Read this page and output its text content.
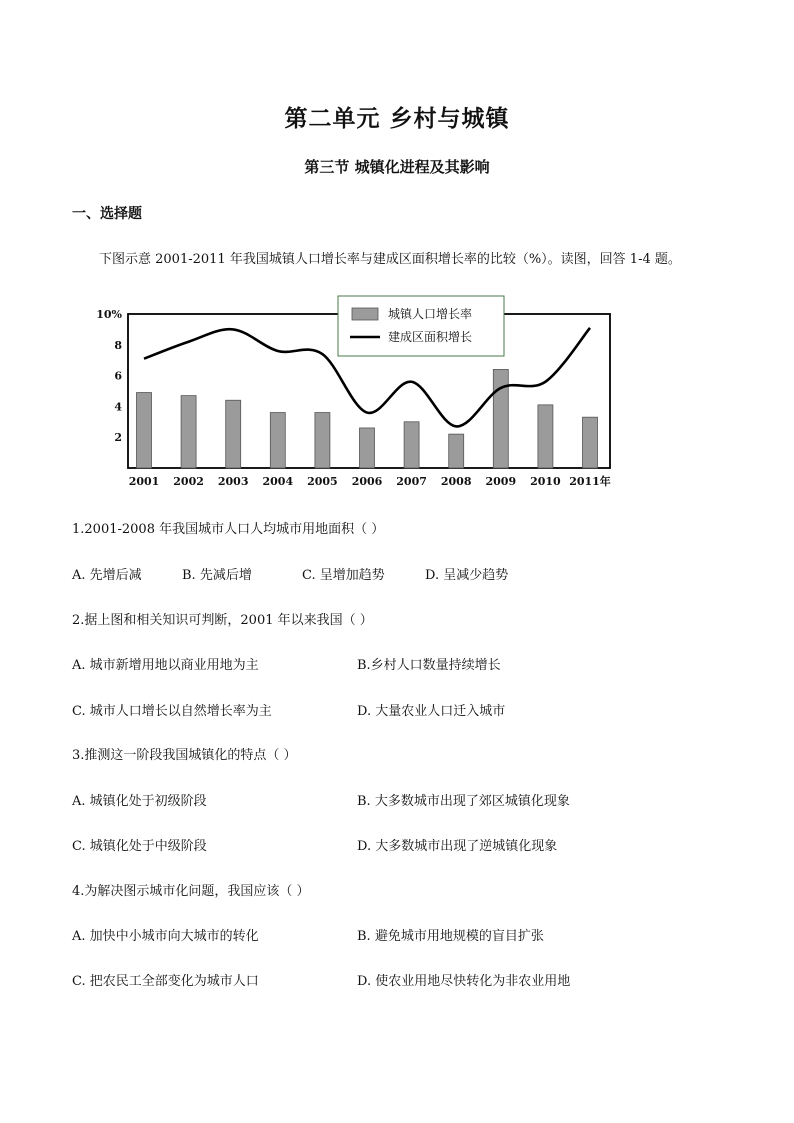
第二单元 乡村与城镇
第三节 城镇化进程及其影响
一、选择题
下图示意 2001-2011 年我国城镇人口增长率与建成区面积增长率的比较（%）。读图，回答 1-4 题。
2
4
6
8
10%
2001 2002 2003 2004 2005 2006 2007 2008 2009 2010 2011年
城镇人口增长率
建成区面积增长
1.2001-2008 年我国城市人口人均城市用地面积（ ）
A. 先增后减	B. 先减后增	C. 呈增加趋势	D. 呈减少趋势
2.据上图和相关知识可判断，2001 年以来我国（ ）
A. 城市新增用地以商业用地为主	B.乡村人口数量持续增长
C. 城市人口增长以自然增长率为主	D. 大量农业人口迁入城市
3.推测这一阶段我国城镇化的特点（ ）
A. 城镇化处于初级阶段	B. 大多数城市出现了郊区城镇化现象
C. 城镇化处于中级阶段	D. 大多数城市出现了逆城镇化现象
4.为解决图示城市化问题，我国应该（ ）
A. 加快中小城市向大城市的转化	B. 避免城市用地规模的盲目扩张
C. 把农民工全部变化为城市人口	D. 使农业用地尽快转化为非农业用地
